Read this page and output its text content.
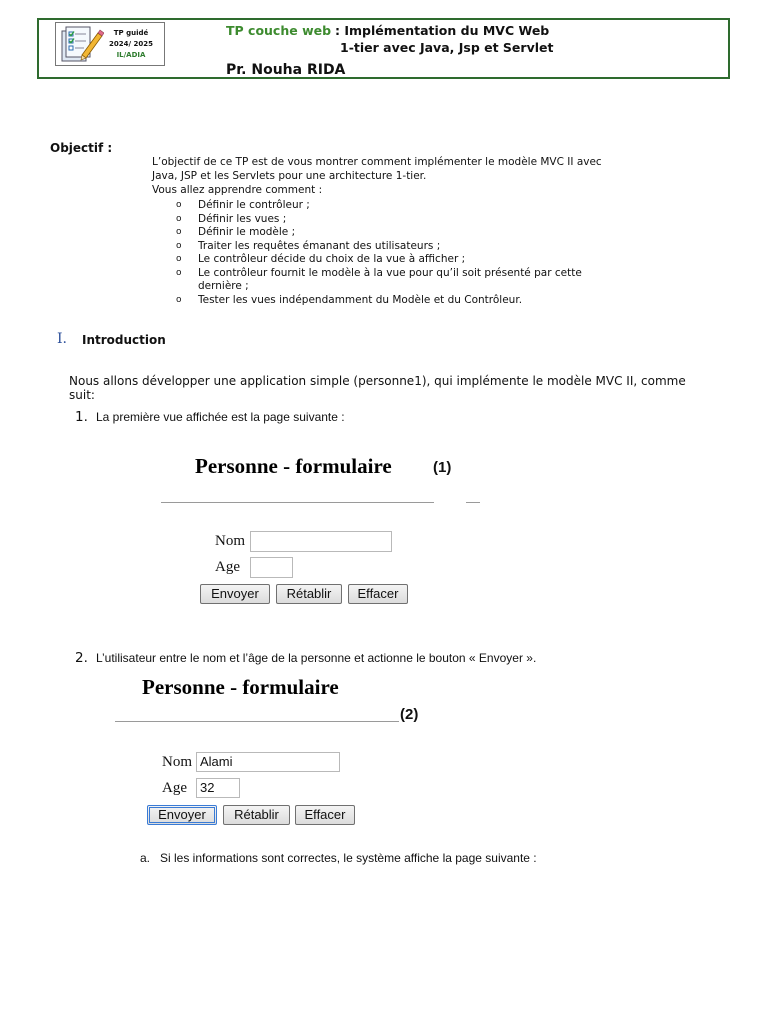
TP guidé
2024/ 2025
IL/ADIA
TP couche web : Implémentation du MVC Web
1-tier avec Java, Jsp et Servlet
Pr. Nouha RIDA
Objectif :
L’objectif de ce TP est de vous montrer comment implémenter le modèle MVC II avec
Java, JSP et les Servlets pour une architecture 1-tier.
Vous allez apprendre comment :
o Définir le contrôleur ;
o Définir les vues ;
o Définir le modèle ;
o Traiter les requêtes émanant des utilisateurs ;
o Le contrôleur décide du choix de la vue à afficher ;
o Le contrôleur fournit le modèle à la vue pour qu’il soit présenté par cette dernière ;
o Tester les vues indépendamment du Modèle et du Contrôleur.
I. Introduction
Nous allons développer une application simple (personne1), qui implémente le modèle MVC II, comme suit:
1. La première vue affichée est la page suivante :
Personne - formulaire	(1)
Nom
Age
Envoyer	Rétablir	Effacer
2. L’utilisateur entre le nom et l’âge de la personne et actionne le bouton « Envoyer ».
Personne - formulaire
(2)
Nom Alami
Age	32
Envoyer	Rétablir	Effacer
a. Si les informations sont correctes, le système affiche la page suivante :
